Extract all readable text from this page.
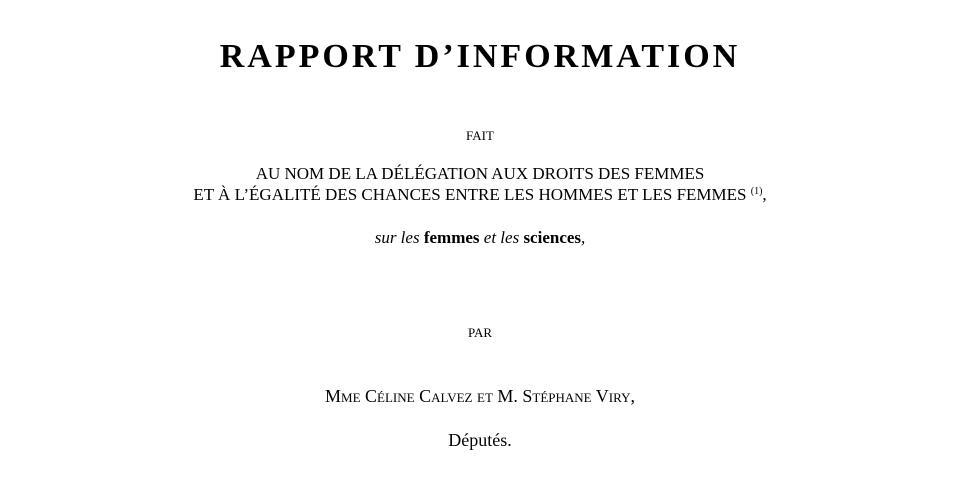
RAPPORT D’INFORMATION
FAIT
AU NOM DE LA DÉLÉGATION AUX DROITS DES FEMMES
ET À L’ÉGALITÉ DES CHANCES ENTRE LES HOMMES ET LES FEMMES $^{(1)}$,
sur les femmes et les sciences,
PAR
Mme Céline Calvez et M. Stéphane Viry,
Députés.
